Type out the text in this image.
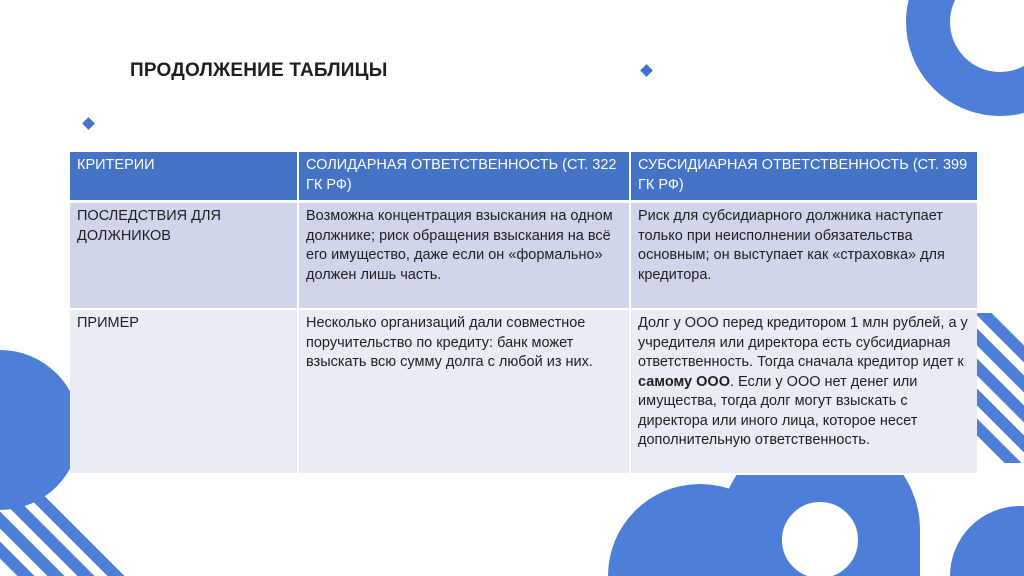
ПРОДОЛЖЕНИЕ ТАБЛИЦЫ
КРИТЕРИИ	СОЛИДАРНАЯ ОТВЕТСТВЕННОСТЬ (СТ. 322 ГК РФ)	СУБСИДИАРНАЯ ОТВЕТСТВЕННОСТЬ (СТ. 399 ГК РФ)
ПОСЛЕДСТВИЯ ДЛЯ ДОЛЖНИКОВ	Возможна концентрация взыскания на одном должнике; риск обращения взыскания на всё его имущество, даже если он «формально» должен лишь часть.	Риск для субсидиарного должника наступает только при неисполнении обязательства основным; он выступает как «страховка» для кредитора.
ПРИМЕР	Несколько организаций дали совместное поручительство по кредиту: банк может взыскать всю сумму долга с любой из них.	Долг у ООО перед кредитором 1 млн рублей, а у учредителя или директора есть субсидиарная ответственность. Тогда сначала кредитор идет к самому ООО. Если у ООО нет денег или имущества, тогда долг могут взыскать с директора или иного лица, которое несет дополнительную ответственность.
